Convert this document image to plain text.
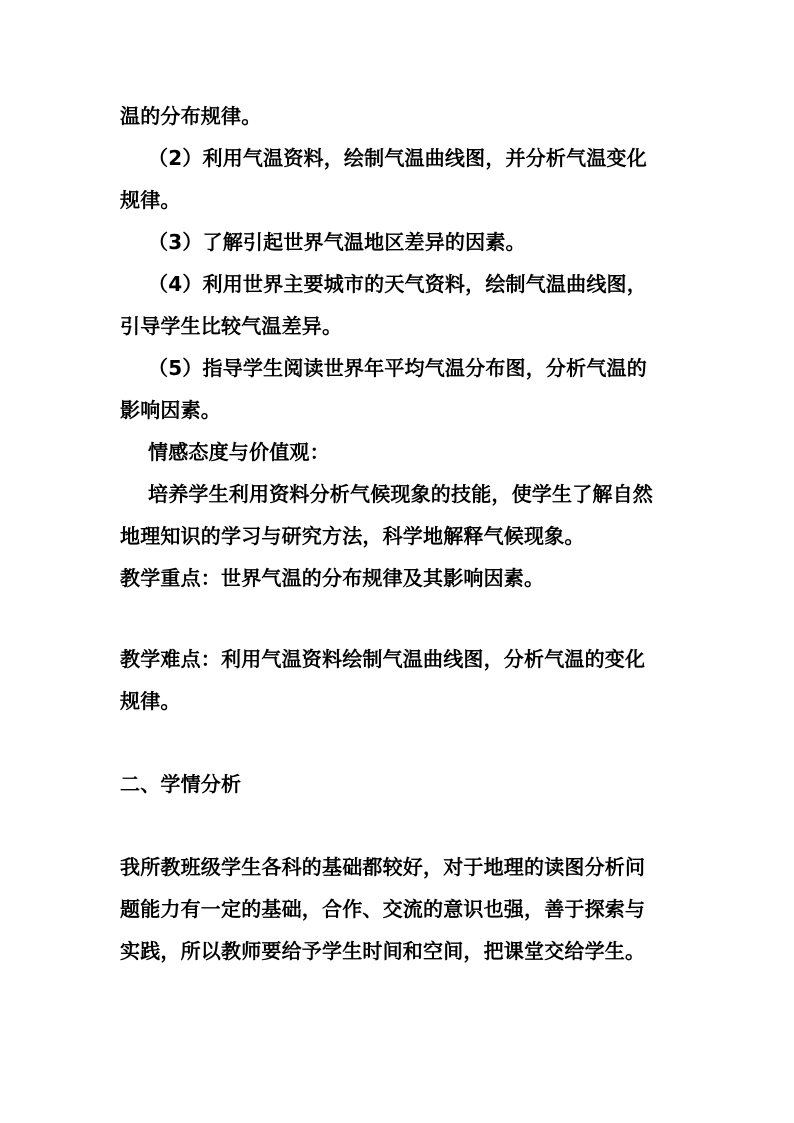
温的分布规律。
（2）利用气温资料，绘制气温曲线图，并分析气温变化
规律。
（3）了解引起世界气温地区差异的因素。
（4）利用世界主要城市的天气资料，绘制气温曲线图，
引导学生比较气温差异。
（5）指导学生阅读世界年平均气温分布图，分析气温的
影响因素。
情感态度与价值观：
培养学生利用资料分析气候现象的技能，使学生了解自然
地理知识的学习与研究方法，科学地解释气候现象。
教学重点：世界气温的分布规律及其影响因素。
教学难点：利用气温资料绘制气温曲线图，分析气温的变化
规律。
二、学情分析
我所教班级学生各科的基础都较好，对于地理的读图分析问
题能力有一定的基础，合作、交流的意识也强，善于探索与
实践，所以教师要给予学生时间和空间，把课堂交给学生。
